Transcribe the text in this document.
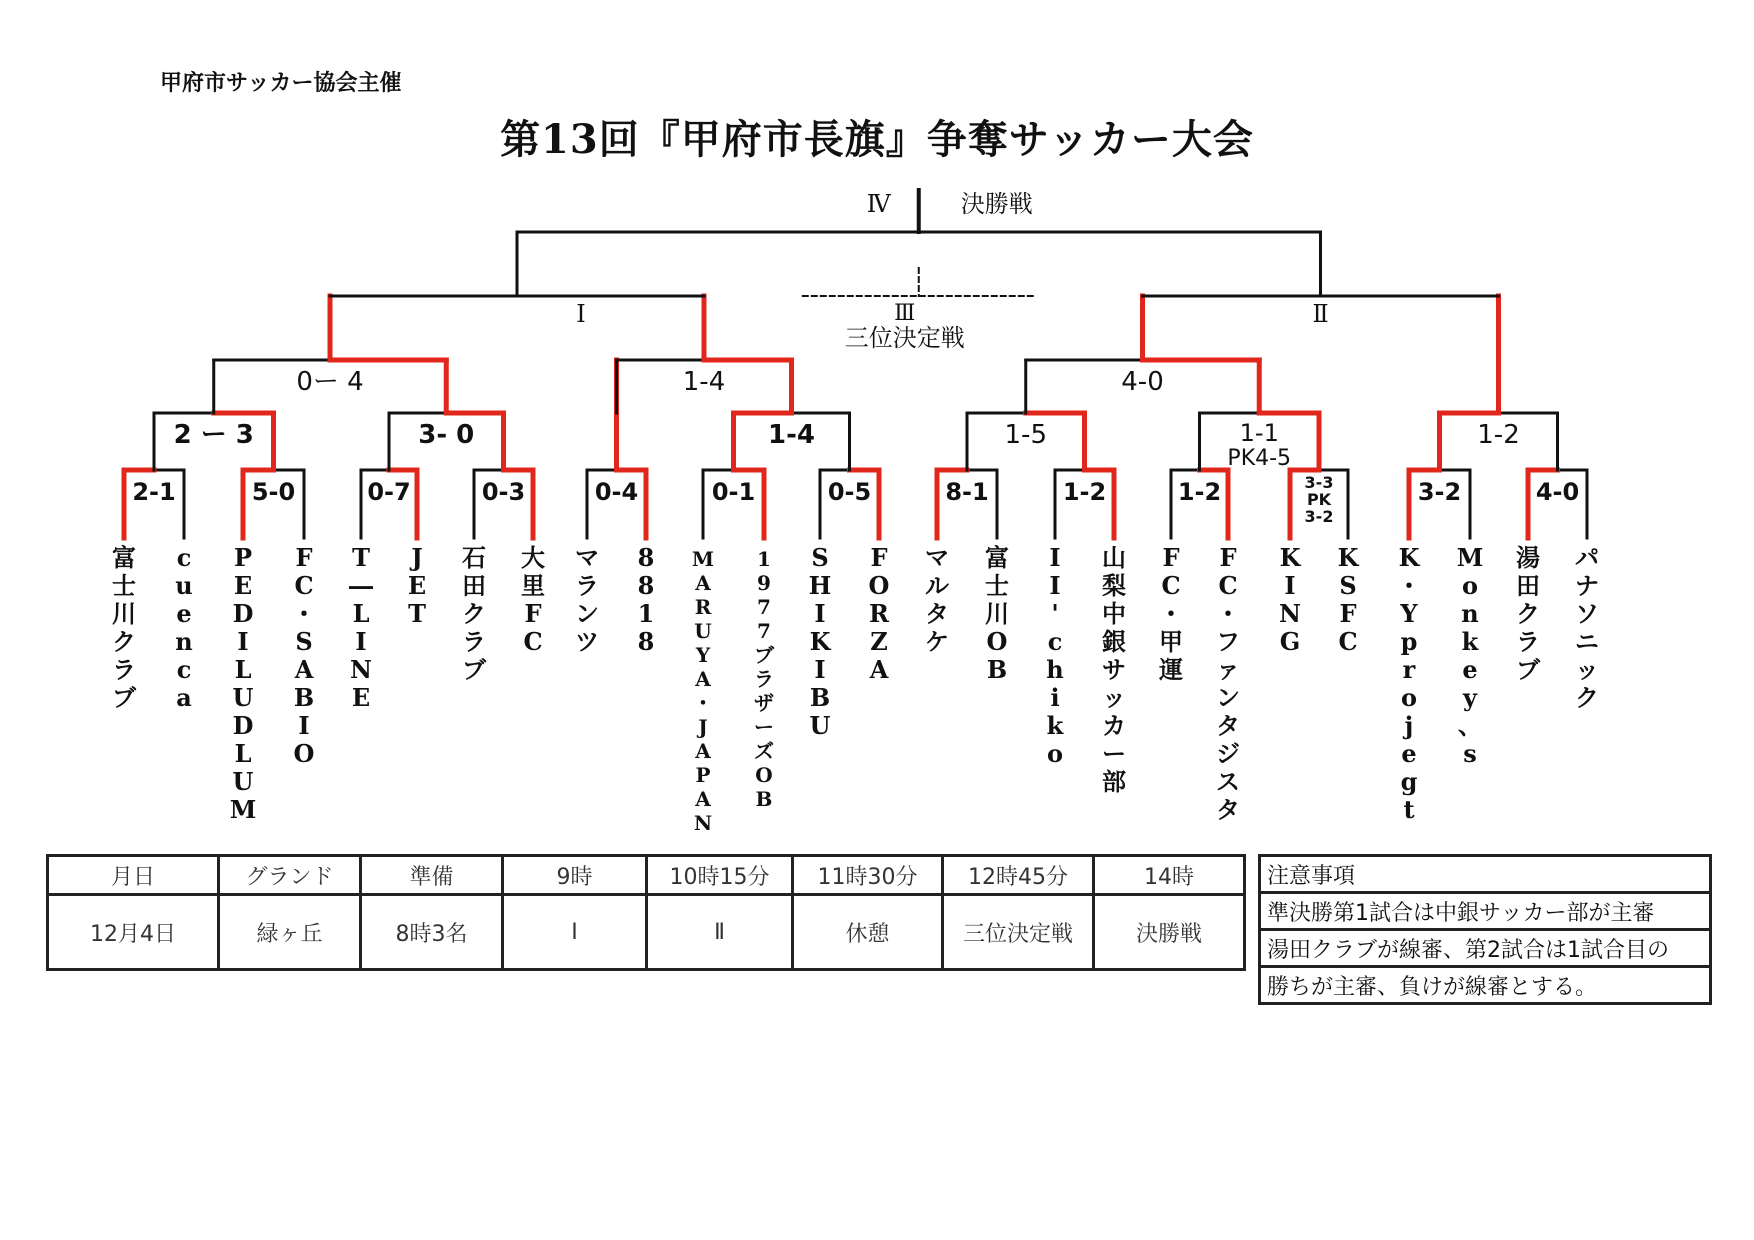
甲府市サッカー協会主催
第13回『甲府市長旗』争奪サッカー大会
2-1	5-0	0-7	0-3	0-4	0-1	0-5	8-1	1-2	1-2	3-3
PK
3-2
3-2	4-0
2 ー 3	3- 0	1-4	1-5	1-1
PK4-5
1-2
0ー 4	1-4	4-0
Ⅰ	Ⅱ
Ⅳ	決勝戦
Ⅲ
三位決定戦
富
士
川
ク
ラ
ブ
c
u
e
n
c
a
P
E
D
I
L
U
D
L
U
M
F
C
・
S
A
B
I
O
T
―
L
I
N
E
J
E
T
石
田
ク
ラ
ブ
大
里
F
C
マ
ラ
ン
ツ
8
8
1
8
M
A
R
U
Y
A
・
J
A
P
A
N
1
9
7
7
ブ
ラ
ザ
ー
ズ
O
B
S
H
I
K
I
B
U
F
O
R
Z
A
マ
ル
タ
ケ
富
士
川
O
B
I
I
'
c
h
i
k
o
山
梨
中
銀
サ
ッ
カ
ー
部
F
C
・
甲
運
F
C
・
フ
ァ
ン
タ
ジ
ス
タ
K
I
N
G
K
S
F
C
K
・
Y
p
r
o
j
e
g
t
M
o
n
k
e
y
、
s
湯
田
ク
ラ
ブ
パ
ナ
ソ
ニ
ッ
ク
月日	グランド	準備	9時	10時15分	11時30分	12時45分	14時
12月4日	緑ヶ丘	8時3名	Ⅰ	Ⅱ	休憩	三位決定戦	決勝戦
注意事項
準決勝第1試合は中銀サッカー部が主審
湯田クラブが線審、第2試合は1試合目の
勝ちが主審、負けが線審とする。
